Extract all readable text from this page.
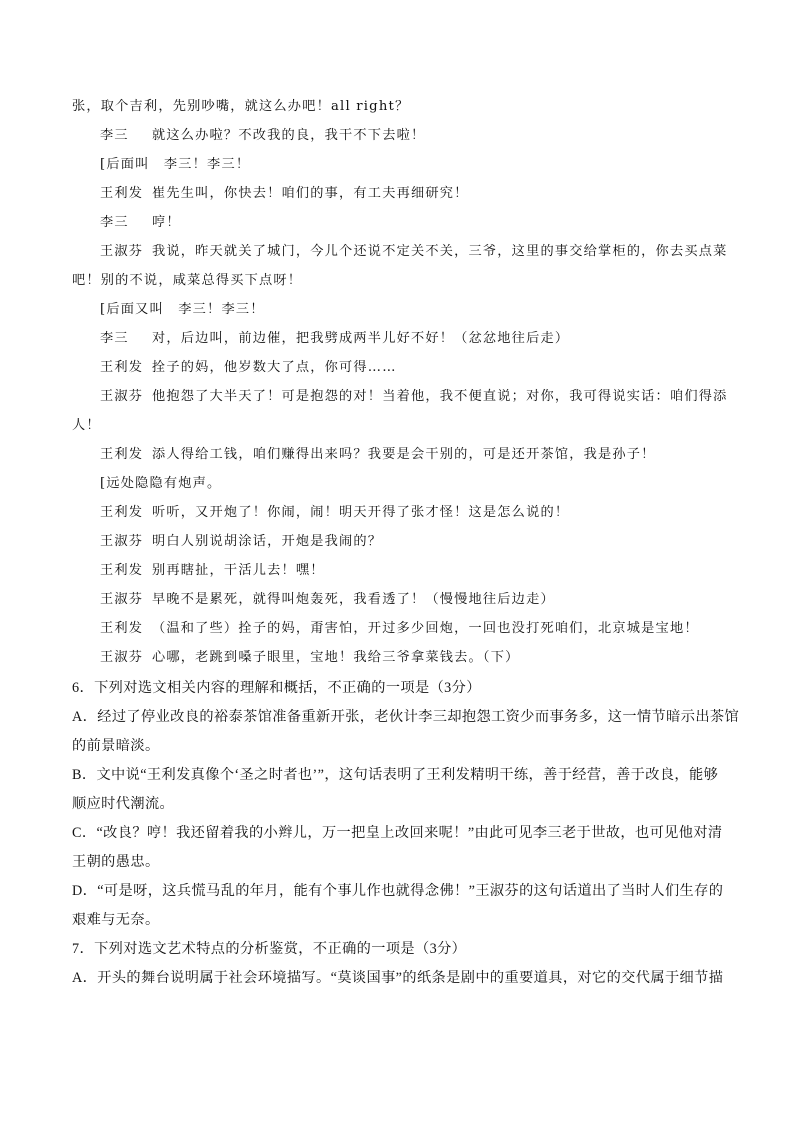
张，取个吉利，先别吵嘴，就这么办吧！all right？
李三 就这么办啦？不改我的良，我干不下去啦！
[后面叫　李三！李三！
王利发 崔先生叫，你快去！咱们的事，有工夫再细研究！
李三 哼！
王淑芬 我说，昨天就关了城门，今儿个还说不定关不关，三爷，这里的事交给掌柜的，你去买点菜
吧！别的不说，咸菜总得买下点呀！
[后面又叫　李三！李三！
李三 对，后边叫，前边催，把我劈成两半儿好不好！（忿忿地往后走）
王利发 拴子的妈，他岁数大了点，你可得……
王淑芬 他抱怨了大半天了！可是抱怨的对！当着他，我不便直说；对你，我可得说实话：咱们得添
人！
王利发 添人得给工钱，咱们赚得出来吗？我要是会干别的，可是还开茶馆，我是孙子！
[远处隐隐有炮声。
王利发 听听，又开炮了！你闹，闹！明天开得了张才怪！这是怎么说的！
王淑芬 明白人别说胡涂话，开炮是我闹的？
王利发 别再瞎扯，干活儿去！嘿！
王淑芬 早晚不是累死，就得叫炮轰死，我看透了！（慢慢地往后边走）
王利发 （温和了些）拴子的妈，甭害怕，开过多少回炮，一回也没打死咱们，北京城是宝地！
王淑芬 心哪，老跳到嗓子眼里，宝地！我给三爷拿菜钱去。（下）
6．下列对选文相关内容的理解和概括，不正确的一项是（3分）
A．经过了停业改良的裕泰茶馆准备重新开张，老伙计李三却抱怨工资少而事务多，这一情节暗示出茶馆
的前景暗淡。
B．文中说“王利发真像个‘圣之时者也’”，这句话表明了王利发精明干练，善于经营，善于改良，能够
顺应时代潮流。
C．“改良？哼！我还留着我的小辫儿，万一把皇上改回来呢！”由此可见李三老于世故，也可见他对清
王朝的愚忠。
D．“可是呀，这兵慌马乱的年月，能有个事儿作也就得念佛！”王淑芬的这句话道出了当时人们生存的
艰难与无奈。
7．下列对选文艺术特点的分析鉴赏，不正确的一项是（3分）
A．开头的舞台说明属于社会环境描写。“莫谈国事”的纸条是剧中的重要道具，对它的交代属于细节描
